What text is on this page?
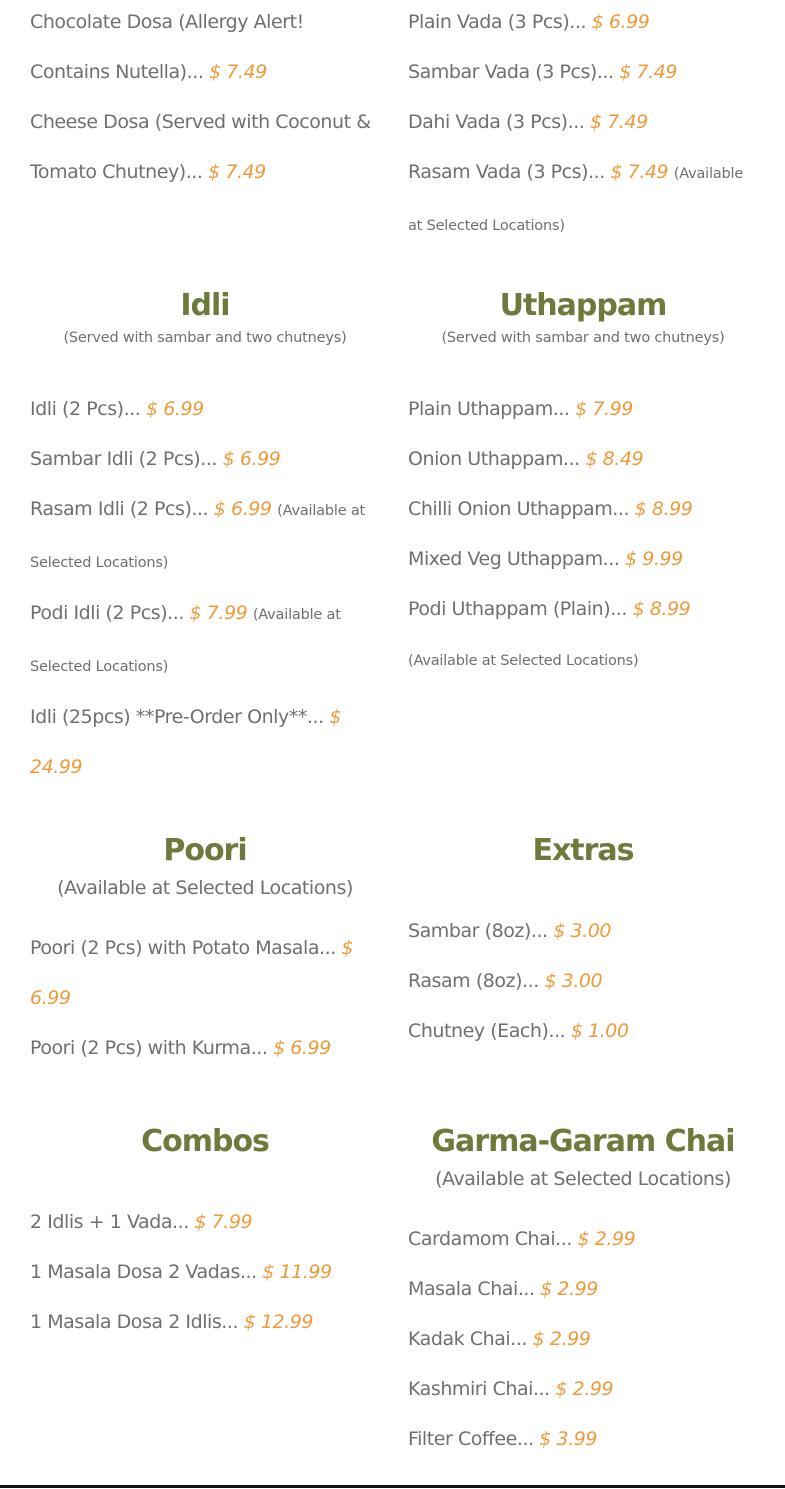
Chocolate Dosa (Allergy Alert! Contains Nutella)... $ 7.49

Cheese Dosa (Served with Coconut & Tomato Chutney)... $ 7.49

Plain Vada (3 Pcs)... $ 6.99

Sambar Vada (3 Pcs)... $ 7.49

Dahi Vada (3 Pcs)... $ 7.49

Rasam Vada (3 Pcs)... $ 7.49 (Available at Selected Locations)

Idli

(Served with sambar and two chutneys)

Idli (2 Pcs)... $ 6.99

Sambar Idli (2 Pcs)... $ 6.99

Rasam Idli (2 Pcs)... $ 6.99 (Available at Selected Locations)

Podi Idli (2 Pcs)... $ 7.99 (Available at Selected Locations)

Idli (25pcs) **Pre-Order Only**... $ 24.99

Uthappam

(Served with sambar and two chutneys)

Plain Uthappam... $ 7.99

Onion Uthappam... $ 8.49

Chilli Onion Uthappam... $ 8.99

Mixed Veg Uthappam... $ 9.99

Podi Uthappam (Plain)... $ 8.99 (Available at Selected Locations)

Poori

(Available at Selected Locations)

Poori (2 Pcs) with Potato Masala... $ 6.99

Poori (2 Pcs) with Kurma... $ 6.99

Extras

Sambar (8oz)... $ 3.00

Rasam (8oz)... $ 3.00

Chutney (Each)... $ 1.00

Combos

2 Idlis + 1 Vada... $ 7.99

1 Masala Dosa 2 Vadas... $ 11.99

1 Masala Dosa 2 Idlis... $ 12.99

Garma-Garam Chai

(Available at Selected Locations)

Cardamom Chai... $ 2.99

Masala Chai... $ 2.99

Kadak Chai... $ 2.99

Kashmiri Chai... $ 2.99

Filter Coffee... $ 3.99
